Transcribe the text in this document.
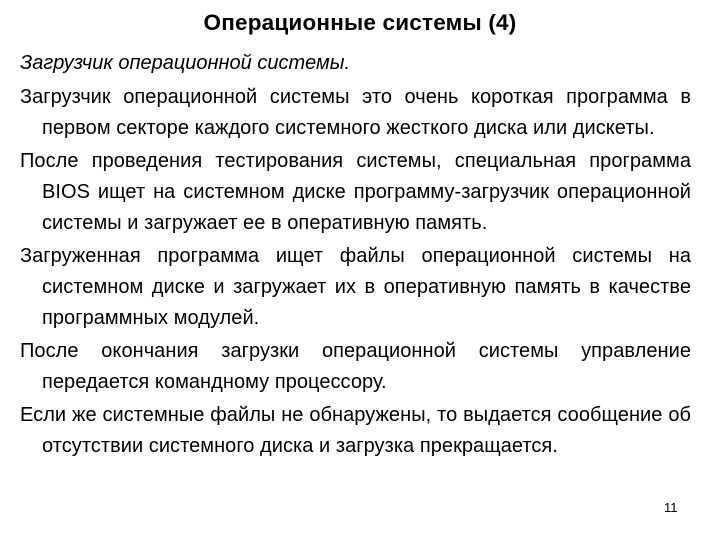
Операционные системы (4)
Загрузчик операционной системы.

Загрузчик операционной системы это очень короткая программа в первом секторе каждого системного жесткого диска или дискеты.

После проведения тестирования системы, специальная программа BIOS ищет на системном диске программу-загрузчик операционной системы и загружает ее в оперативную память.

Загруженная программа ищет файлы операционной системы на системном диске и загружает их в оперативную память в качестве программных модулей.

После окончания загрузки операционной системы управление передается командному процессору.

Если же системные файлы не обнаружены, то выдается сообщение об отсутствии системного диска и загрузка прекращается.

11
